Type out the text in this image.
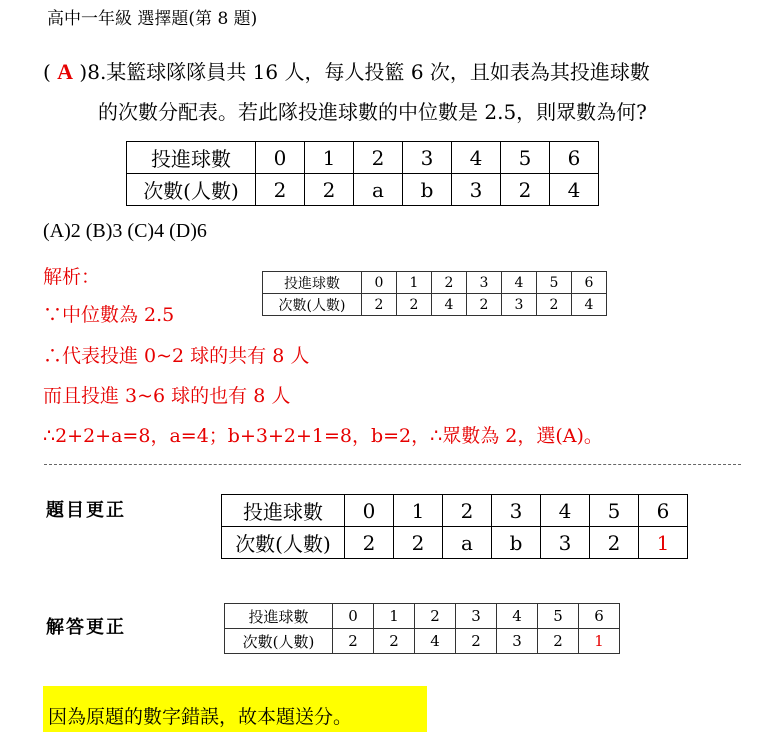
高中一年級 選擇題(第 8 題)
( A )8.某籃球隊隊員共 16 人，每人投籃 6 次，且如表為其投進球數
的次數分配表。若此隊投進球數的中位數是 2.5，則眾數為何?
投進球數	0	1	2	3	4	5	6
次數(人數)	2	2	a	b	3	2	4
(A)2 (B)3 (C)4 (D)6
解析：
∵中位數為 2.5
∴代表投進 0~2 球的共有 8 人
而且投進 3~6 球的也有 8 人
∴2+2+a=8，a=4；b+3+2+1=8，b=2，∴眾數為 2，選(A)。
投進球數	0	1	2	3	4	5	6
次數(人數)	2	2	4	2	3	2	4
題目更正	投進球數	0	1	2	3	4	5	6
次數(人數)	2	2	a	b	3	2	1
解答更正
投進球數	0	1	2	3	4	5	6
次數(人數)	2	2	4	2	3	2	1
因為原題的數字錯誤，故本題送分。
